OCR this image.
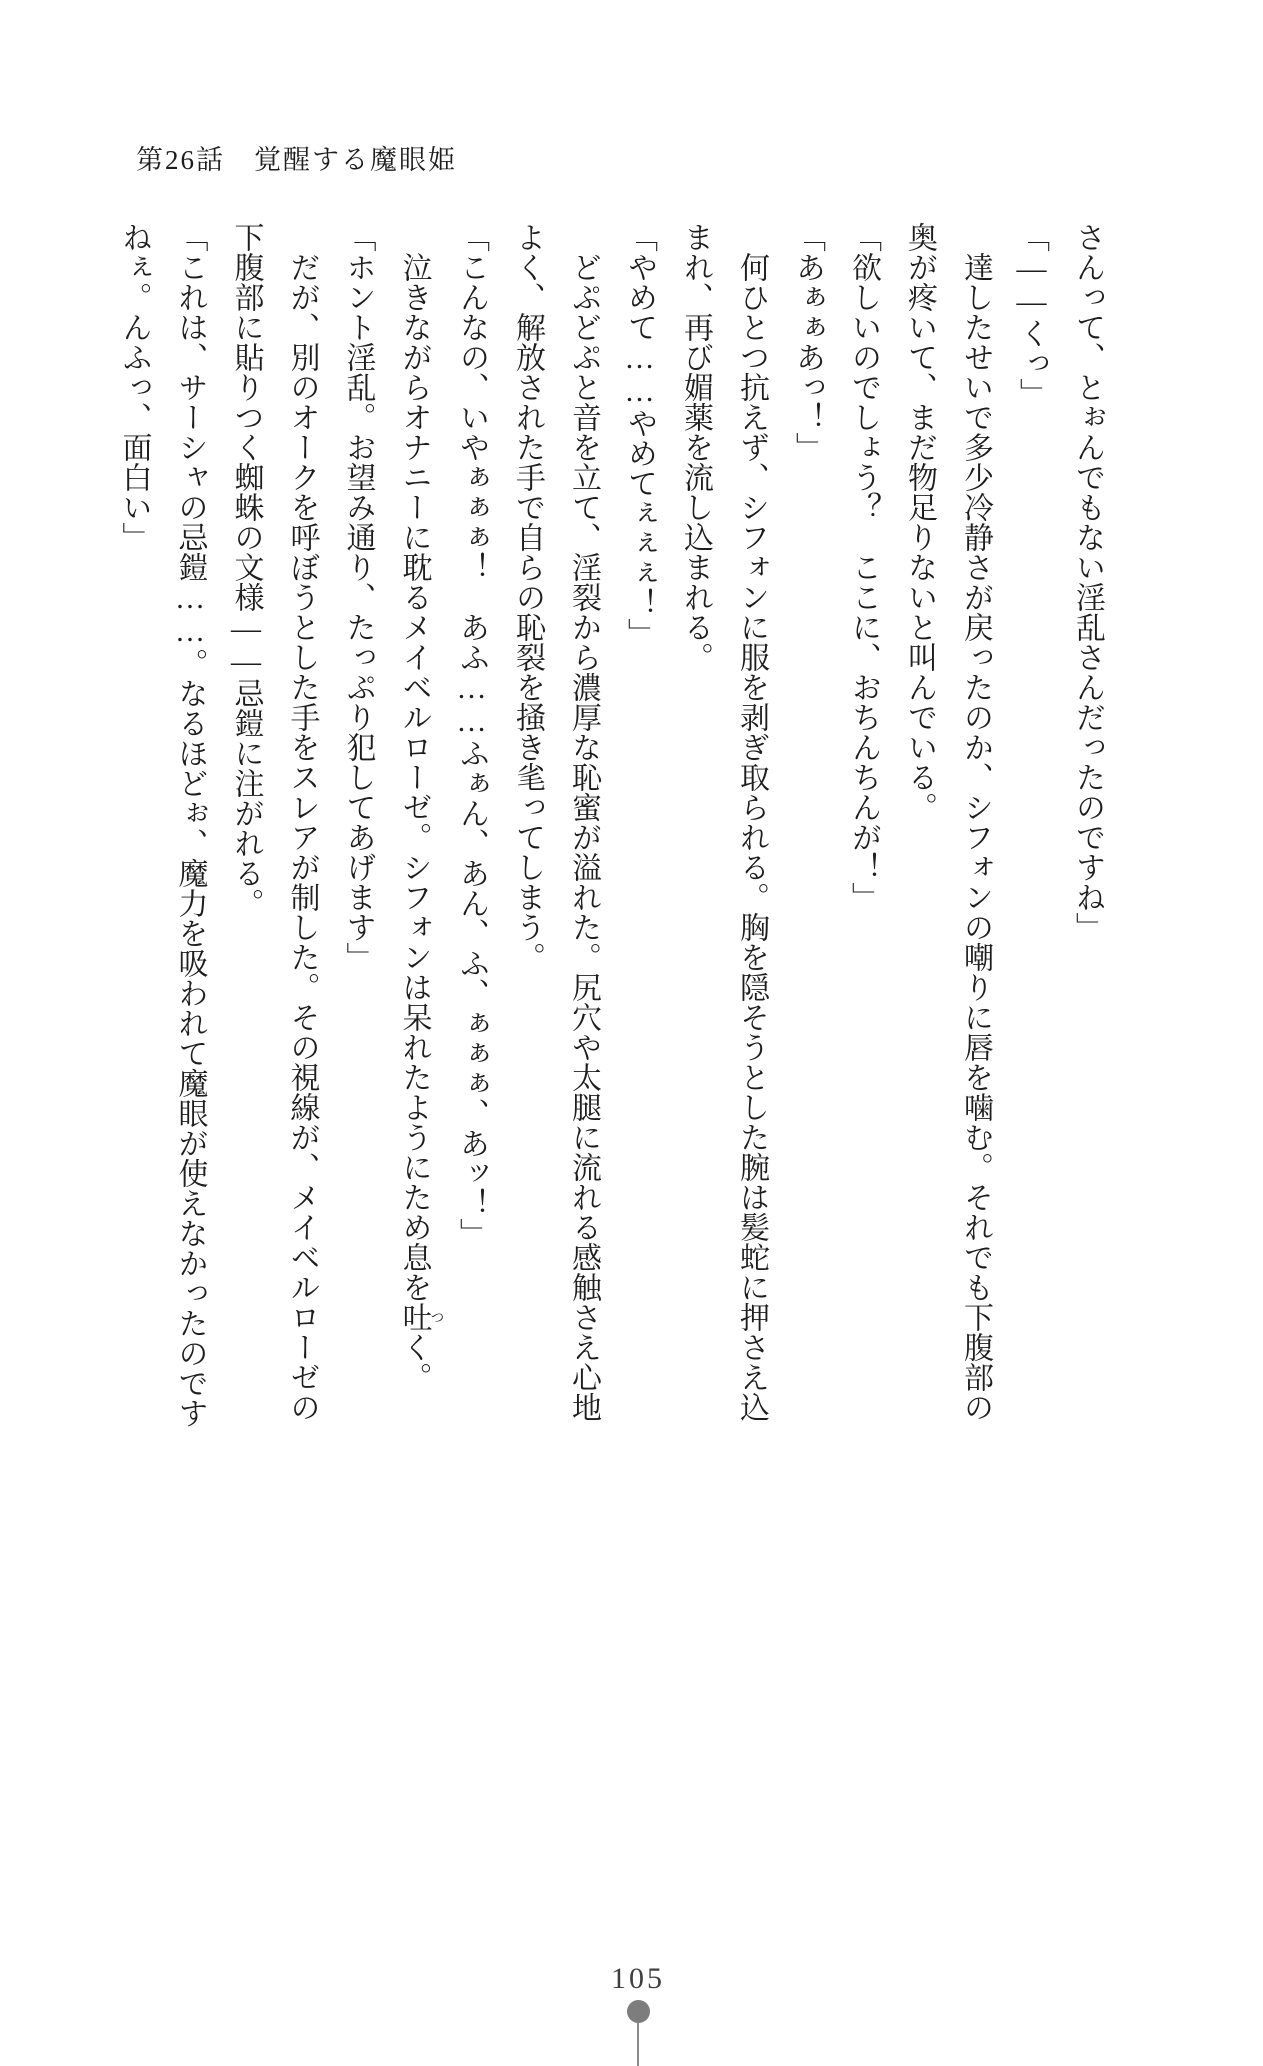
第26話　覚醒する魔眼姫
さんって、とぉんでもない淫乱さんだったのですね」
「――くっ」
達したせいで多少冷静さが戻ったのか、シフォンの嘲りに唇を噛む。それでも下腹部の
奥が疼いて、まだ物足りないと叫んでいる。
「欲しいのでしょう？　ここに、おちんちんが！」
「あぁぁあっ！」
何ひとつ抗えず、シフォンに服を剥ぎ取られる。胸を隠そうとした腕は髪蛇に押さえ込
まれ、再び媚薬を流し込まれる。
「やめて……やめてぇぇぇ！」
どぷどぷと音を立て、淫裂から濃厚な恥蜜が溢れた。尻穴や太腿に流れる感触さえ心地
よく、解放された手で自らの恥裂を掻き毟ってしまう。
「こんなの、いやぁぁぁ！　あふ……ふぁん、あん、ふ、ぁぁぁ、あッ！」
泣きながらオナニーに耽るメイベルローゼ。シフォンは呆れたようにため息を吐つく。
「ホント淫乱。お望み通り、たっぷり犯してあげます」
だが、別のオークを呼ぼうとした手をスレアが制した。その視線が、メイベルローゼの
下腹部に貼りつく蜘蛛の文様――忌鎧に注がれる。
「これは、サーシャの忌鎧……。なるほどぉ、魔力を吸われて魔眼が使えなかったのです
ねぇ。んふっ、面白い」
105
